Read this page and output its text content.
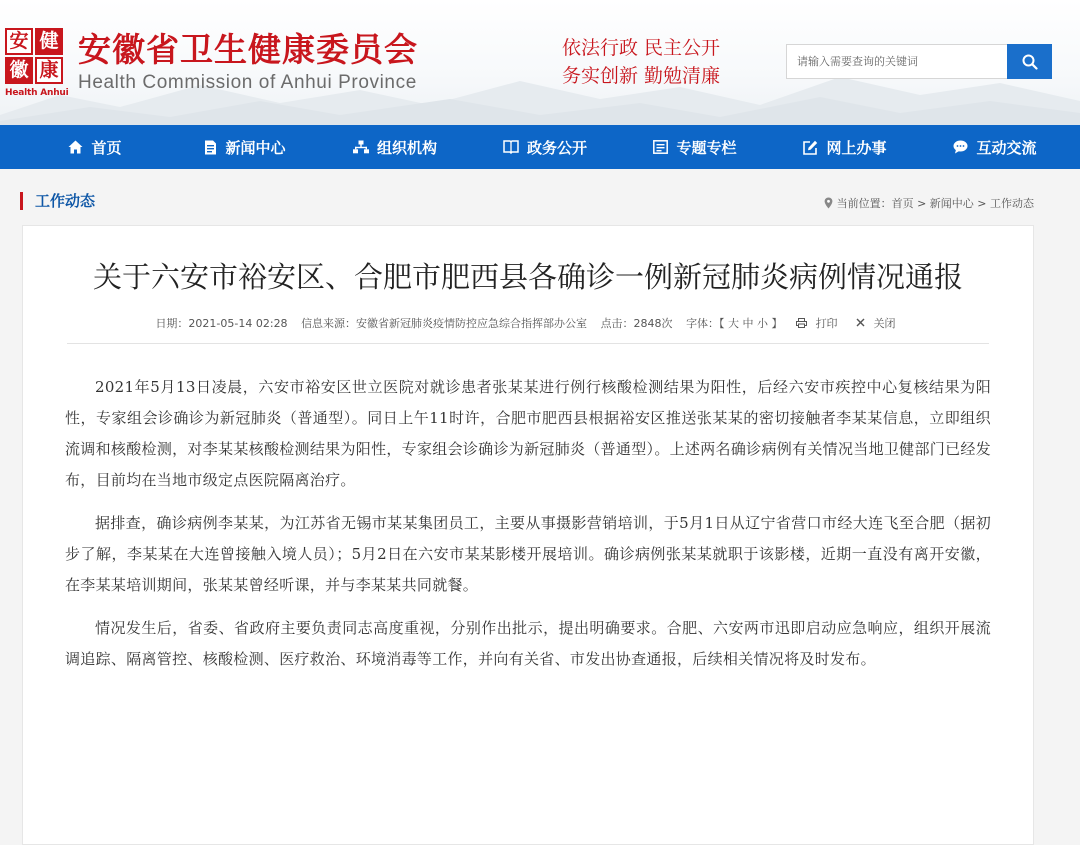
安 健
徽 康
Health Anhui
安徽省卫生健康委员会
Health Commission of Anhui Province
依法行政 民主公开
务实创新 勤勉清廉
请输入需要查询的关键词
首页	新闻中心	组织机构	政务公开	专题专栏	网上办事	互动交流
工作动态	当前位置：首页 > 新闻中心 > 工作动态
关于六安市裕安区、合肥市肥西县各确诊一例新冠肺炎病例情况通报
日期：2021-05-14 02:28 信息来源：安徽省新冠肺炎疫情防控应急综合指挥部办公室 点击：2848次 字体：【 大 中 小 】	打印	关闭

2021年5月13日凌晨，六安市裕安区世立医院对就诊患者张某某进行例行核酸检测结果为阳性，后经六安市疾控中心复核结果为阳性，专家组会诊确诊为新冠肺炎（普通型）。同日上午11时许，合肥市肥西县根据裕安区推送张某某的密切接触者李某某信息，立即组织流调和核酸检测，对李某某核酸检测结果为阳性，专家组会诊确诊为新冠肺炎（普通型）。上述两名确诊病例有关情况当地卫健部门已经发布，目前均在当地市级定点医院隔离治疗。

据排查，确诊病例李某某，为江苏省无锡市某某集团员工，主要从事摄影营销培训，于5月1日从辽宁省营口市经大连飞至合肥（据初步了解，李某某在大连曾接触入境人员）；5月2日在六安市某某影楼开展培训。确诊病例张某某就职于该影楼，近期一直没有离开安徽，在李某某培训期间，张某某曾经听课，并与李某某共同就餐。

情况发生后，省委、省政府主要负责同志高度重视，分别作出批示，提出明确要求。合肥、六安两市迅即启动应急响应，组织开展流调追踪、隔离管控、核酸检测、医疗救治、环境消毒等工作，并向有关省、市发出协查通报，后续相关情况将及时发布。
